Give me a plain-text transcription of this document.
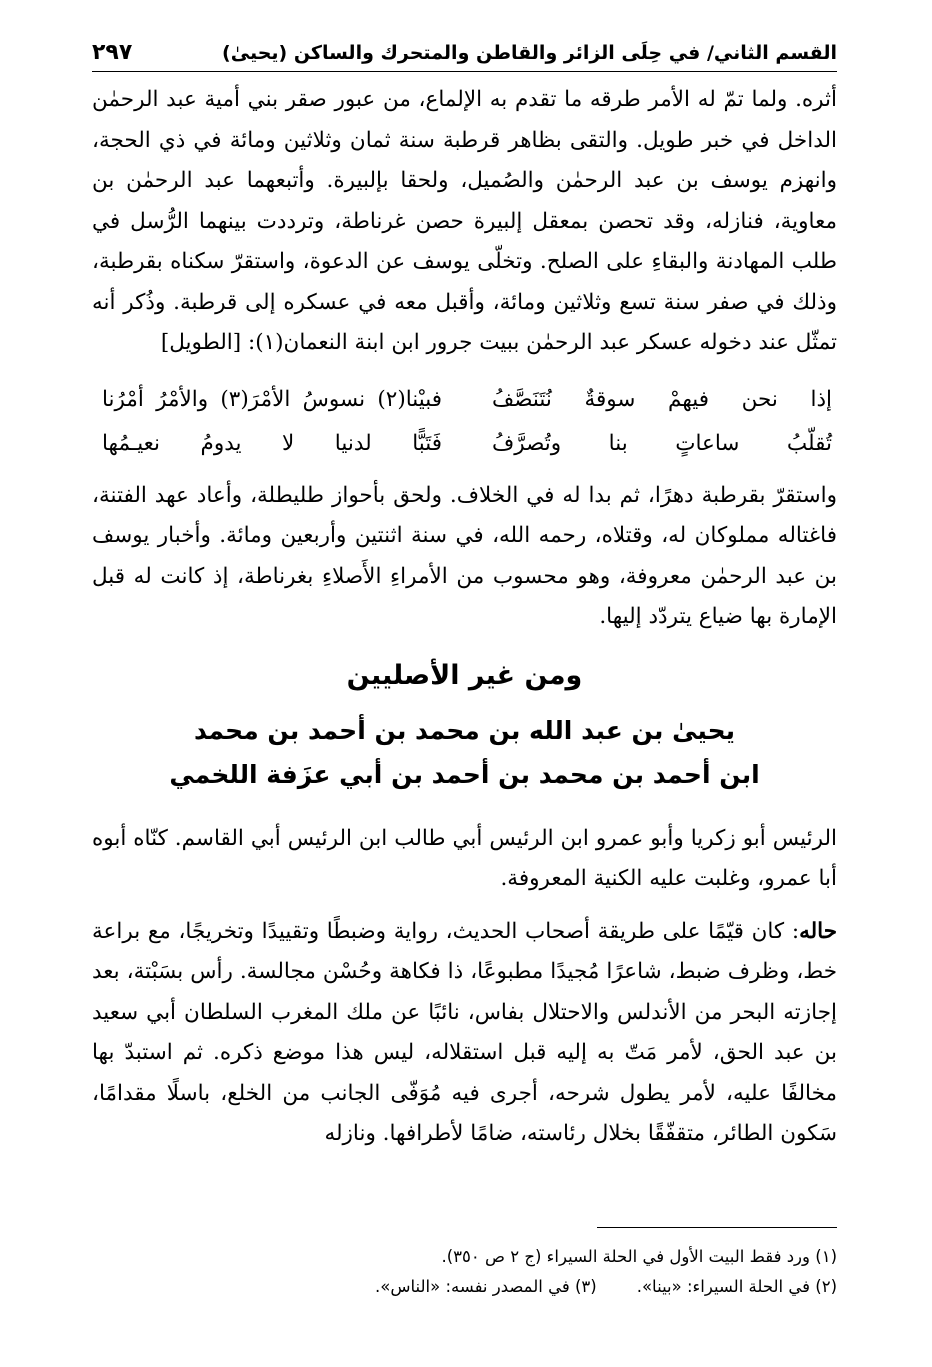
القسم الثاني/ في حِلَى الزائر والقاطن والمتحرك والساكن (يحيىٰ)
٢٩٧

أثره. ولما تمّ له الأمر طرقه ما تقدم به الإلماع، من عبور صقر بني أمية عبد الرحمٰن الداخل في خبر طويل. والتقى بظاهر قرطبة سنة ثمان وثلاثين ومائة في ذي الحجة، وانهزم يوسف بن عبد الرحمٰن والصُميل، ولحقا بإلبيرة. وأتبعهما عبد الرحمٰن بن معاوية، فنازله، وقد تحصن بمعقل إلبيرة حصن غرناطة، وترددت بينهما الرُّسل في طلب المهادنة والبقاءِ على الصلح. وتخلّى يوسف عن الدعوة، واستقرّ سكناه بقرطبة، وذلك في صفر سنة تسع وثلاثين ومائة، وأقبل معه في عسكره إلى قرطبة. وذُكر أنه تمثّل عند دخوله عسكر عبد الرحمٰن ببيت جرور ابن ابنة النعمان(١): [الطويل]

إذا نحن فيهمْ سوقةٌ نُتَنَصَّفُ
فبيْنا(٢) نسوسُ الأمْرَ(٣) والأمْرُ أمْرُنا
تُقلّبُ ساعاتٍ بنا وتُصرَّفُ
فَتَبًّا لدنيا لا يدومُ نعيـمُها

واستقرّ بقرطبة دهرًا، ثم بدا له في الخلاف. ولحق بأحواز طليطلة، وأعاد عهد الفتنة، فاغتاله مملوكان له، وقتلاه، رحمه الله، في سنة اثنتين وأربعين ومائة. وأخبار يوسف بن عبد الرحمٰن معروفة، وهو محسوب من الأمراءِ الأَصلاءِ بغرناطة، إذ كانت له قبل الإمارة بها ضياع يتردّد إليها.

ومن غير الأصليين

يحيىٰ بن عبد الله بن محمد بن أحمد بن محمد

ابن أحمد بن محمد بن أحمد بن أبي عزَفة اللخمي

الرئيس أبو زكريا وأبو عمرو ابن الرئيس أبي طالب ابن الرئيس أبي القاسم. كنّاه أبوه أبا عمرو، وغلبت عليه الكنية المعروفة.

حاله: كان قيّمًا على طريقة أصحاب الحديث، رواية وضبطًا وتقييدًا وتخريجًا، مع براعة خط، وظرف ضبط، شاعرًا مُجيدًا مطبوعًا، ذا فكاهة وحُسْن مجالسة. رأس بسَبْتة، بعد إجازته البحر من الأندلس والاحتلال بفاس، نائبًا عن ملك المغرب السلطان أبي سعيد بن عبد الحق، لأمر مَتّ به إليه قبل استقلاله، ليس هذا موضع ذكره. ثم استبدّ بها مخالفًا عليه، لأمر يطول شرحه، أجرى فيه مُوَفّى الجانب من الخلع، باسلًا مقدامًا، سَكون الطائر، متقفّقًا بخلال رئاسته، ضامًا لأطرافها. ونازله

(١) ورد فقط البيت الأول في الحلة السيراء (ج ٢ ص ٣٥٠).
(٢) في الحلة السيراء: «بينا».
(٣) في المصدر نفسه: «الناس».
